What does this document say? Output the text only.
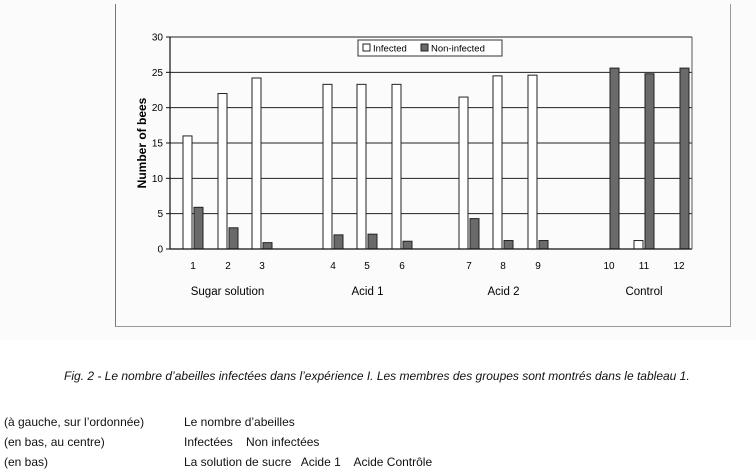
0
5
10
15
20
25
30
1	2	3	4	5	6	7	8	9	10 11 12
Sugar solution	Acid 1	Acid 2	Control
Number of bees
Infected	Non-infected
Fig. 2 - Le nombre d’abeilles infectées dans l’expérience I. Les membres des groupes sont montrés dans le tableau 1.
(à gauche, sur l’ordonnée)	Le nombre d’abeilles
(en bas, au centre)	Infectées    Non infectées
(en bas)	La solution de sucre   Acide 1    Acide Contrôle
